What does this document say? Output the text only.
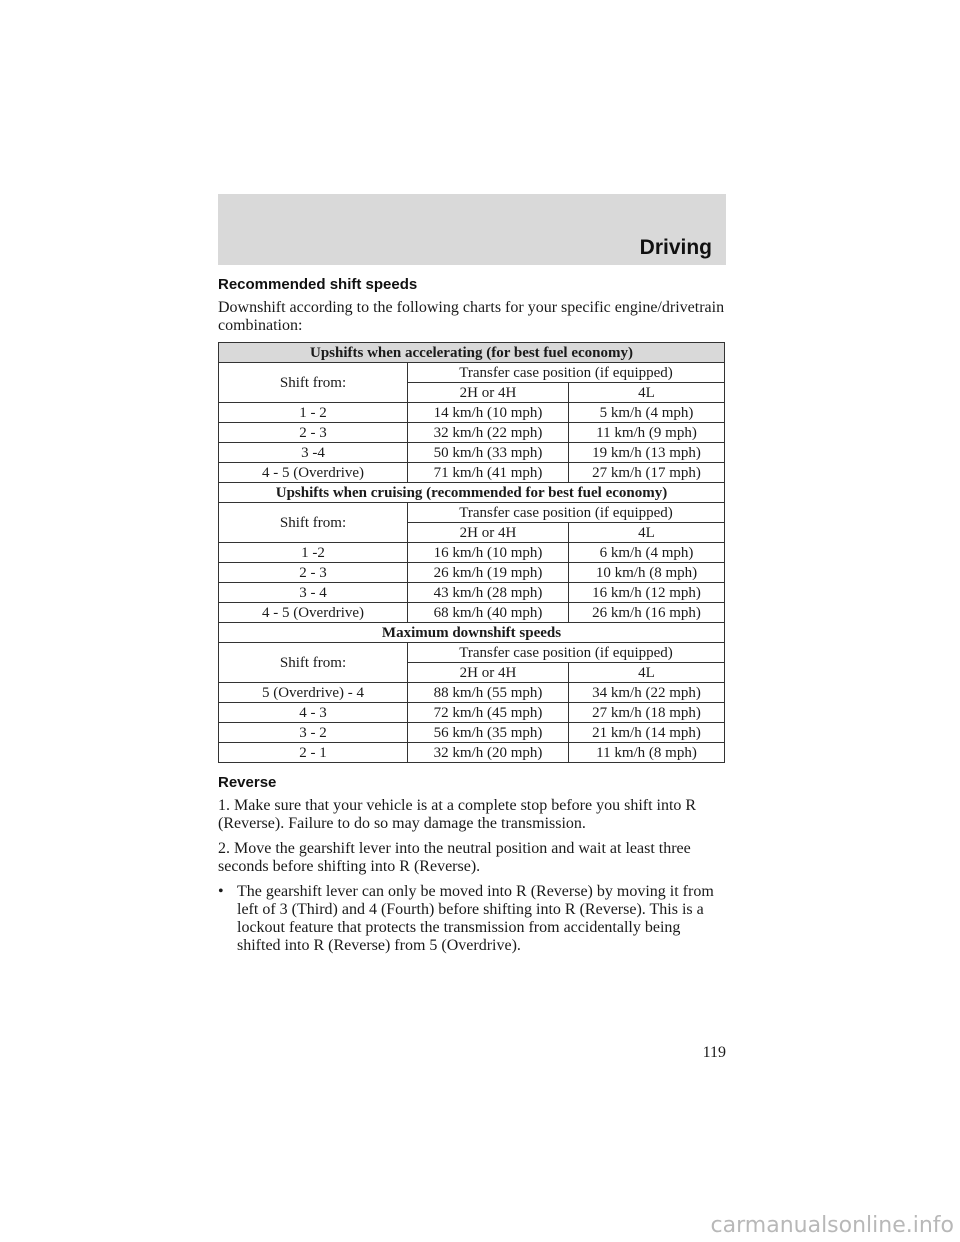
Driving
Recommended shift speeds

Downshift according to the following charts for your specific engine/drivetrain combination:

Upshifts when accelerating (for best fuel economy)		
Shift from:	Transfer case position (if equipped)	
	2H or 4H	4L
1 - 2	14 km/h (10 mph)	5 km/h (4 mph)
2 - 3	32 km/h (22 mph)	11 km/h (9 mph)
3 -4	50 km/h (33 mph)	19 km/h (13 mph)
4 - 5 (Overdrive)	71 km/h (41 mph)	27 km/h (17 mph)
Upshifts when cruising (recommended for best fuel economy)		
Shift from:	Transfer case position (if equipped)	
	2H or 4H	4L
1 -2	16 km/h (10 mph)	6 km/h (4 mph)
2 - 3	26 km/h (19 mph)	10 km/h (8 mph)
3 - 4	43 km/h (28 mph)	16 km/h (12 mph)
4 - 5 (Overdrive)	68 km/h (40 mph)	26 km/h (16 mph)
Maximum downshift speeds		
Shift from:	Transfer case position (if equipped)	
	2H or 4H	4L
5 (Overdrive) - 4	88 km/h (55 mph)	34 km/h (22 mph)
4 - 3	72 km/h (45 mph)	27 km/h (18 mph)
3 - 2	56 km/h (35 mph)	21 km/h (14 mph)
2 - 1	32 km/h (20 mph)	11 km/h (8 mph)
Reverse

1. Make sure that your vehicle is at a complete stop before you shift into R (Reverse). Failure to do so may damage the transmission.

2. Move the gearshift lever into the neutral position and wait at least three seconds before shifting into R (Reverse).

• The gearshift lever can only be moved into R (Reverse) by moving it from left of 3 (Third) and 4 (Fourth) before shifting into R (Reverse). This is a lockout feature that protects the transmission from accidentally being shifted into R (Reverse) from 5 (Overdrive).
119
carmanualsonline.info
